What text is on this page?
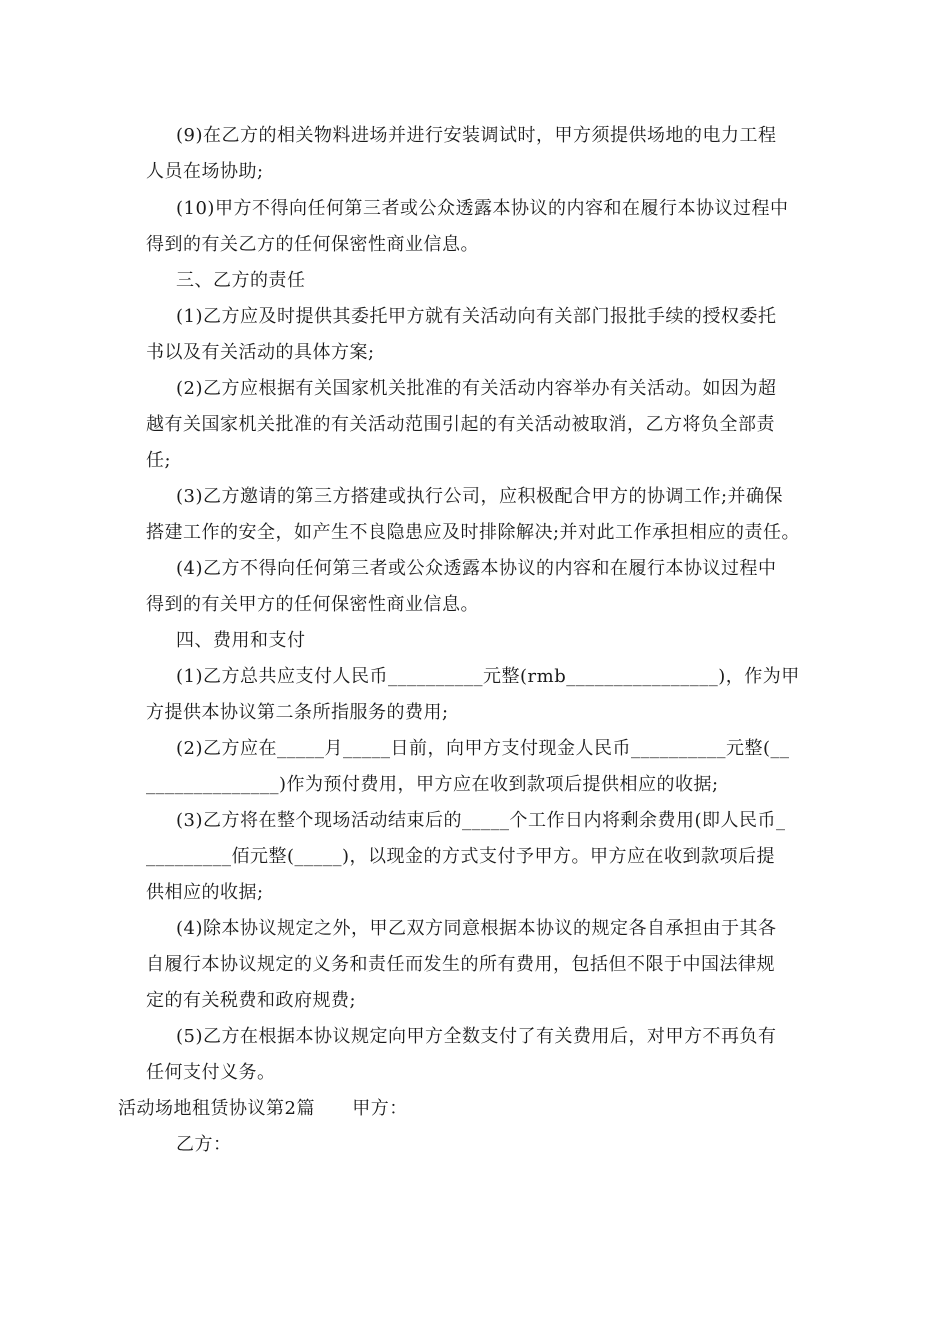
(9)在乙方的相关物料进场并进行安装调试时，甲方须提供场地的电力工程
人员在场协助;
(10)甲方不得向任何第三者或公众透露本协议的内容和在履行本协议过程中
得到的有关乙方的任何保密性商业信息。
三、乙方的责任
(1)乙方应及时提供其委托甲方就有关活动向有关部门报批手续的授权委托
书以及有关活动的具体方案;
(2)乙方应根据有关国家机关批准的有关活动内容举办有关活动。如因为超
越有关国家机关批准的有关活动范围引起的有关活动被取消，乙方将负全部责
任;
(3)乙方邀请的第三方搭建或执行公司，应积极配合甲方的协调工作;并确保
搭建工作的安全，如产生不良隐患应及时排除解决;并对此工作承担相应的责任。
(4)乙方不得向任何第三者或公众透露本协议的内容和在履行本协议过程中
得到的有关甲方的任何保密性商业信息。
四、费用和支付
(1)乙方总共应支付人民币__________元整(rmb________________)，作为甲
方提供本协议第二条所指服务的费用;
(2)乙方应在_____月_____日前，向甲方支付现金人民币__________元整(__
______________)作为预付费用，甲方应在收到款项后提供相应的收据;
(3)乙方将在整个现场活动结束后的_____个工作日内将剩余费用(即人民币_
_________佰元整(_____)，以现金的方式支付予甲方。甲方应在收到款项后提
供相应的收据;
(4)除本协议规定之外，甲乙双方同意根据本协议的规定各自承担由于其各
自履行本协议规定的义务和责任而发生的所有费用，包括但不限于中国法律规
定的有关税费和政府规费;
(5)乙方在根据本协议规定向甲方全数支付了有关费用后，对甲方不再负有
任何支付义务。
活动场地租赁协议第2篇      甲方：
乙方：
